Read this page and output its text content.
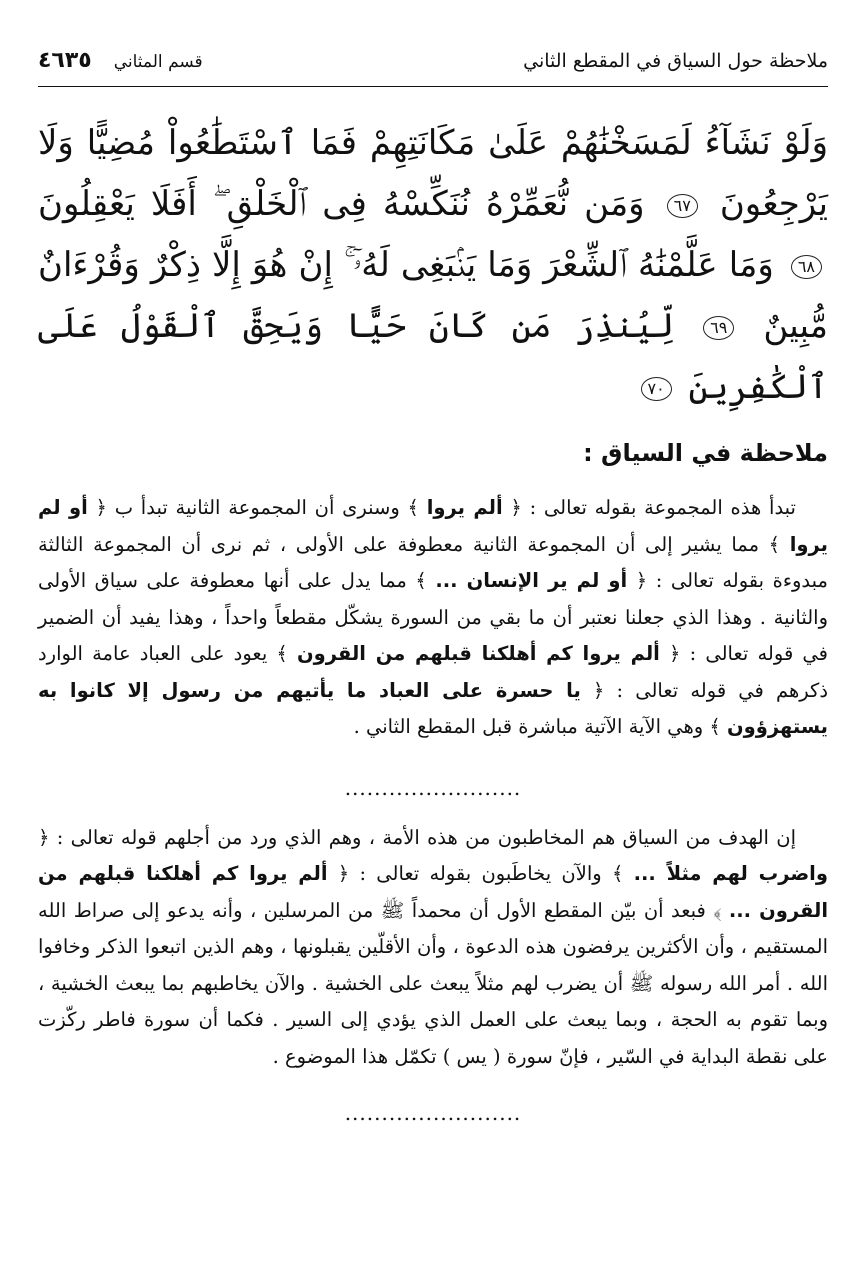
ملاحظة حول السياق في المقطع الثاني
قسم المثاني
٤٦٣٥
وَلَوْ نَشَآءُ لَمَسَخْنَٰهُمْ عَلَىٰ مَكَانَتِهِمْ فَمَا ٱسْتَطَٰعُواْ مُضِيًّا وَلَا يَرْجِعُونَ ٦٧ وَمَن نُّعَمِّرْهُ نُنَكِّسْهُ فِى ٱلْخَلْقِ ۖ أَفَلَا يَعْقِلُونَ ٦٨ وَمَا عَلَّمْنَٰهُ ٱلشِّعْرَ وَمَا يَنۢبَغِى لَهُۥٓ ۚ إِنْ هُوَ إِلَّا ذِكْرٌ وَقُرْءَانٌ مُّبِينٌ ٦٩ لِّيُنذِرَ مَن كَانَ حَيًّا وَيَحِقَّ ٱلْقَوْلُ عَلَى ٱلْكَٰفِرِينَ ٧٠
ملاحظة في السياق :

تبدأ هذه المجموعة بقوله تعالى : ﴿ ألم يروا ﴾ وسنرى أن المجموعة الثانية تبدأ ب ﴿ أو لم يروا ﴾ مما يشير إلى أن المجموعة الثانية معطوفة على الأولى ، ثم نرى أن المجموعة الثالثة مبدوءة بقوله تعالى : ﴿ أو لم ير الإنسان ... ﴾ مما يدل على أنها معطوفة على سياق الأولى والثانية . وهذا الذي جعلنا نعتبر أن ما بقي من السورة يشكّل مقطعاً واحداً ، وهذا يفيد أن الضمير في قوله تعالى : ﴿ ألم يروا كم أهلكنا قبلهم من القرون ﴾ يعود على العباد عامة الوارد ذكرهم في قوله تعالى : ﴿ يا حسرة على العباد ما يأتيهم من رسول إلا كانوا به يستهزؤون ﴾ وهي الآية الآتية مباشرة قبل المقطع الثاني .

........................

إن الهدف من السياق هم المخاطبون من هذه الأمة ، وهم الذي ورد من أجلهم قوله تعالى : ﴿ واضرب لهم مثلاً ... ﴾ والآن يخاطَبون بقوله تعالى : ﴿ ألم يروا كم أهلكنا قبلهم من القرون ... ﴾ فبعد أن بيّن المقطع الأول أن محمداً ﷺ من المرسلين ، وأنه يدعو إلى صراط الله المستقيم ، وأن الأكثرين يرفضون هذه الدعوة ، وأن الأقلّين يقبلونها ، وهم الذين اتبعوا الذكر وخافوا الله . أمر الله رسوله ﷺ أن يضرب لهم مثلاً يبعث على الخشية . والآن يخاطبهم بما يبعث الخشية ، وبما تقوم به الحجة ، وبما يبعث على العمل الذي يؤدي إلى السير . فكما أن سورة فاطر ركّزت على نقطة البداية في السّير ، فإنّ سورة ( يس ) تكمّل هذا الموضوع .

........................
